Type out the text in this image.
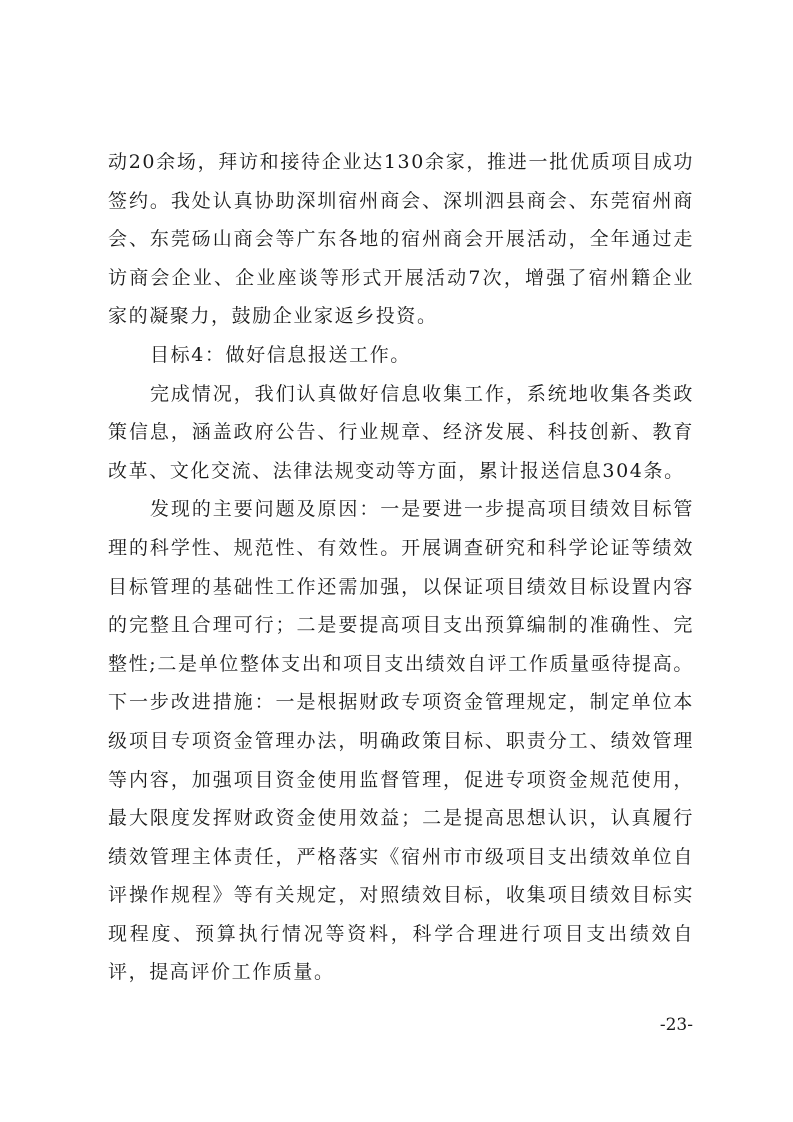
动20余场，拜访和接待企业达130余家，推进一批优质项目成功签约。我处认真协助深圳宿州商会、深圳泗县商会、东莞宿州商会、东莞砀山商会等广东各地的宿州商会开展活动，全年通过走访商会企业、企业座谈等形式开展活动7次，增强了宿州籍企业家的凝聚力，鼓励企业家返乡投资。

目标4：做好信息报送工作。

完成情况，我们认真做好信息收集工作，系统地收集各类政策信息，涵盖政府公告、行业规章、经济发展、科技创新、教育改革、文化交流、法律法规变动等方面，累计报送信息304条。

发现的主要问题及原因：一是要进一步提高项目绩效目标管理的科学性、规范性、有效性。开展调查研究和科学论证等绩效目标管理的基础性工作还需加强，以保证项目绩效目标设置内容的完整且合理可行；二是要提高项目支出预算编制的准确性、完整性;二是单位整体支出和项目支出绩效自评工作质量亟待提高。下一步改进措施：一是根据财政专项资金管理规定，制定单位本级项目专项资金管理办法，明确政策目标、职责分工、绩效管理等内容，加强项目资金使用监督管理，促进专项资金规范使用，最大限度发挥财政资金使用效益；二是提高思想认识，认真履行绩效管理主体责任，严格落实《宿州市市级项目支出绩效单位自评操作规程》等有关规定，对照绩效目标，收集项目绩效目标实现程度、预算执行情况等资料，科学合理进行项目支出绩效自评，提高评价工作质量。

-23-
